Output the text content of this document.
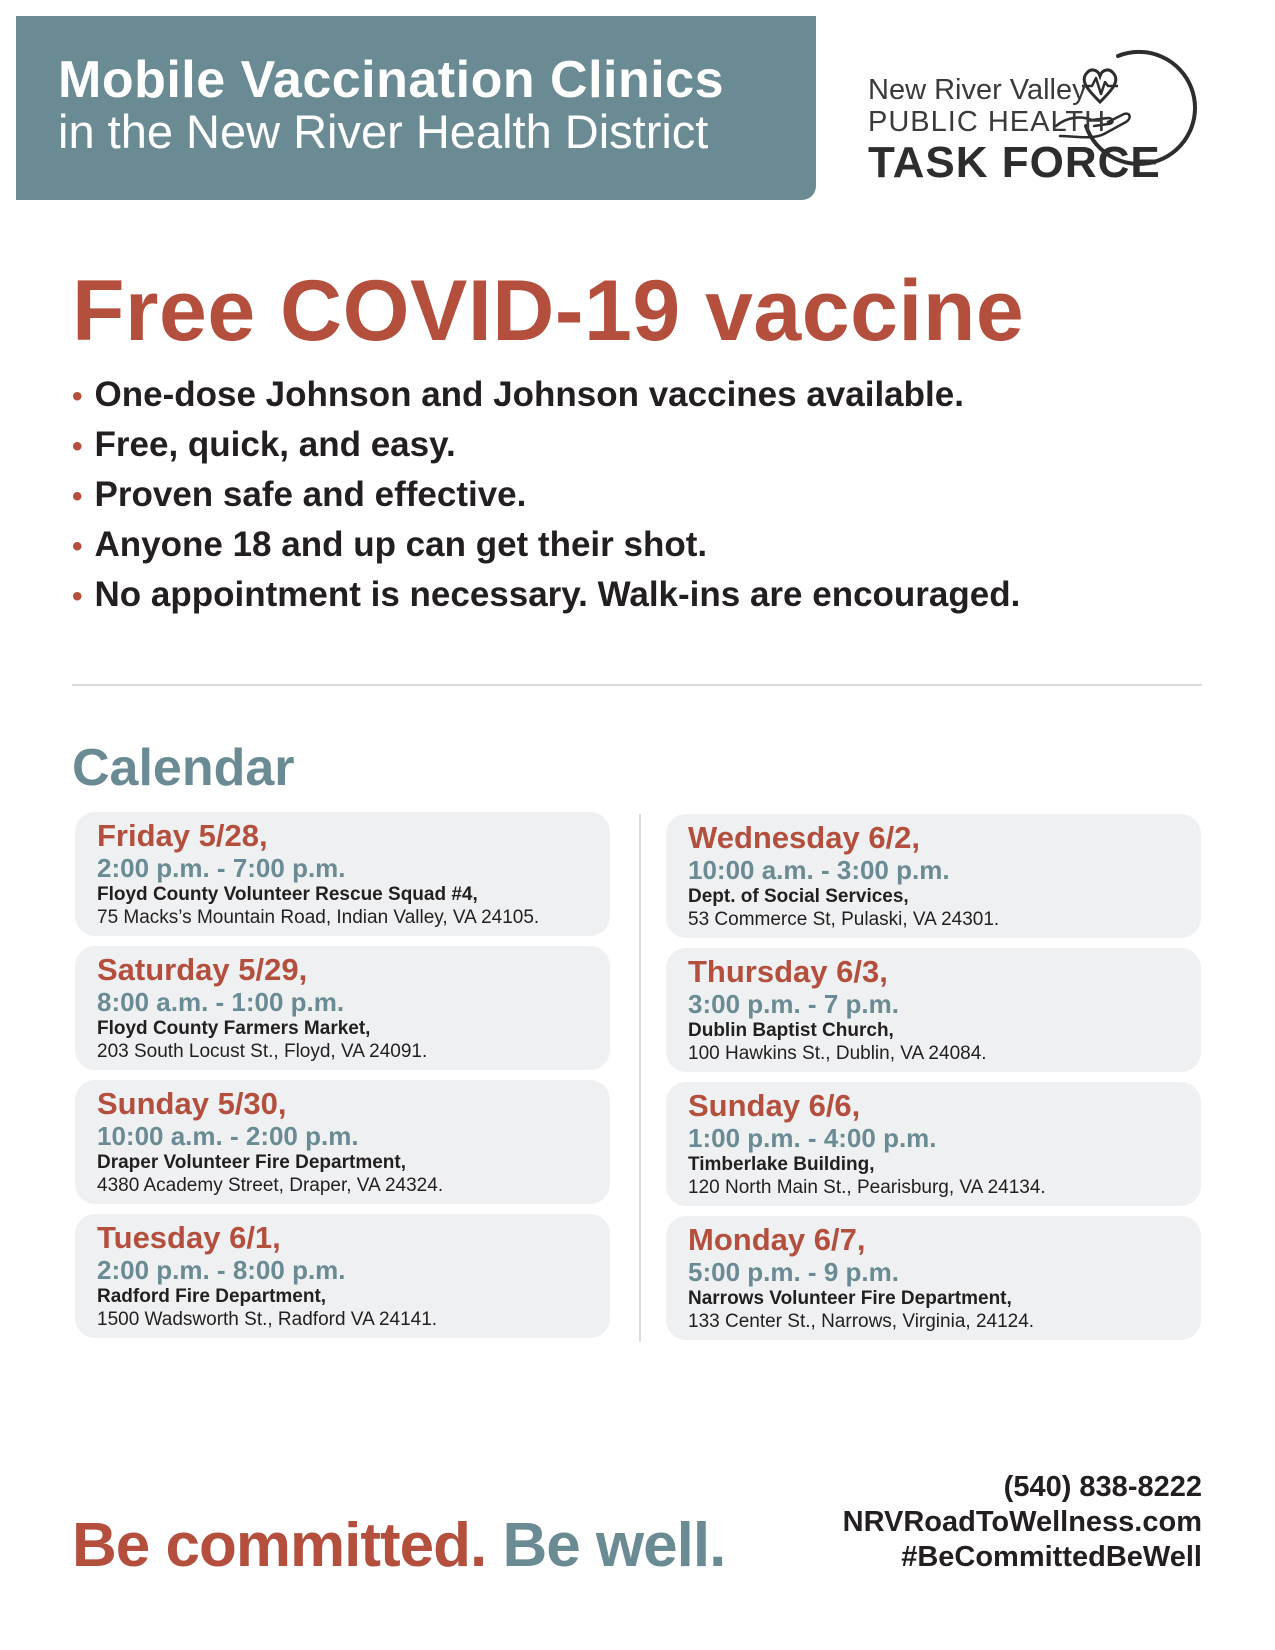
Mobile Vaccination Clinics
in the New River Health District
New River Valley
PUBLIC HEALTH
TASK FORCE
Free COVID-19 vaccine
• One-dose Johnson and Johnson vaccines available.
• Free, quick, and easy.
• Proven safe and effective.
• Anyone 18 and up can get their shot.
• No appointment is necessary. Walk-ins are encouraged.
Calendar
Friday 5/28,
2:00 p.m. - 7:00 p.m.
Floyd County Volunteer Rescue Squad #4,
75 Macks’s Mountain Road, Indian Valley, VA 24105.
Saturday 5/29,
8:00 a.m. - 1:00 p.m.
Floyd County Farmers Market,
203 South Locust St., Floyd, VA 24091.
Sunday 5/30,
10:00 a.m. - 2:00 p.m.
Draper Volunteer Fire Department,
4380 Academy Street, Draper, VA 24324.
Tuesday 6/1,
2:00 p.m. - 8:00 p.m.
Radford Fire Department,
1500 Wadsworth St., Radford VA 24141.
Wednesday 6/2,
10:00 a.m. - 3:00 p.m.
Dept. of Social Services,
53 Commerce St, Pulaski, VA 24301.
Thursday 6/3,
3:00 p.m. - 7 p.m.
Dublin Baptist Church,
100 Hawkins St., Dublin, VA 24084.
Sunday 6/6,
1:00 p.m. - 4:00 p.m.
Timberlake Building,
120 North Main St., Pearisburg, VA 24134.
Monday 6/7,
5:00 p.m. - 9 p.m.
Narrows Volunteer Fire Department,
133 Center St., Narrows, Virginia, 24124.
Be committed. Be well.
(540) 838-8222
NRVRoadToWellness.com
#BeCommittedBeWell
